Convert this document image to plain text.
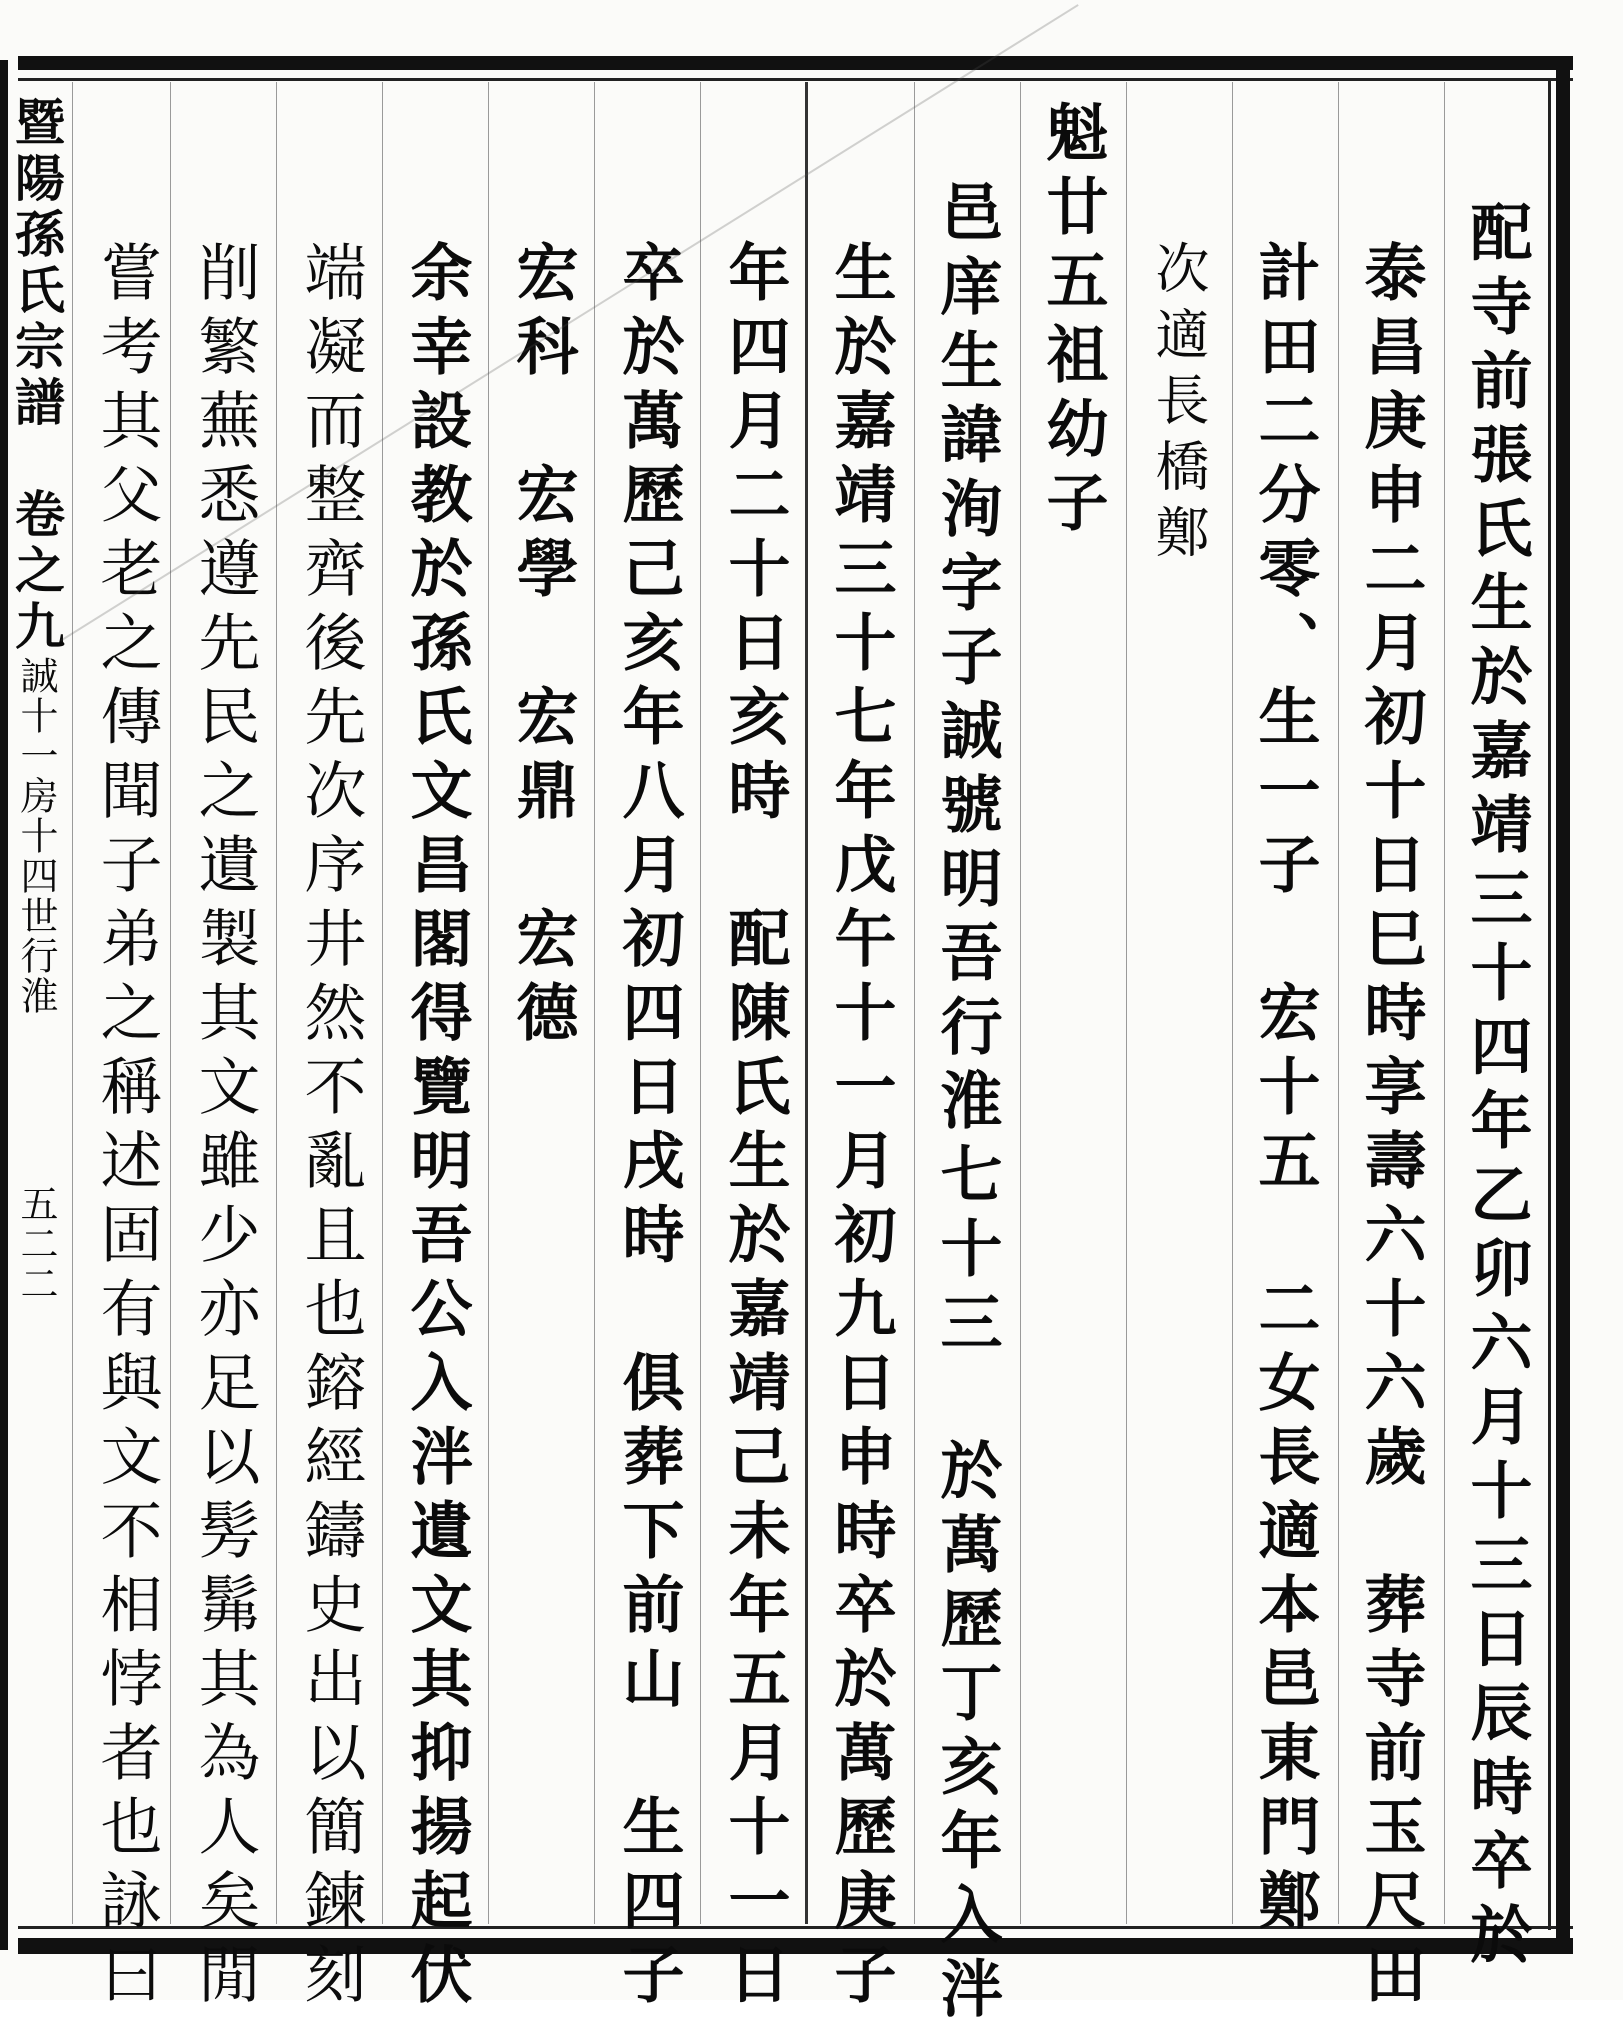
配寺前張氏生於嘉靖三十四年乙卯六月十三日辰時卒於
泰昌庚申二月初十日巳時享壽六十六歲　葬寺前玉尺田
計田二分零、生一子　宏十五　二女長適本邑東門鄭
次適長橋鄭
魁廿五祖幼子
邑庠生諱洵字子誠號明吾行淮七十三　於萬歷丁亥年入泮
生於嘉靖三十七年戊午十一月初九日申時卒於萬歷庚子
年四月二十日亥時　配陳氏生於嘉靖己未年五月十一日
卒於萬歷己亥年八月初四日戌時　俱葬下前山　生四子
宏科　宏學　宏鼎　宏德
余幸設教於孫氏文昌閣得覽明吾公入泮遺文其抑揚起伏
端凝而整齊後先次序井然不亂且也鎔經鑄史出以簡鍊刻
削繁蕪悉遵先民之遺製其文雖少亦足以髣髴其為人矣閒
嘗考其父老之傳聞子弟之稱述固有與文不相悖者也詠曰
暨陽孫氏宗譜　卷之九誠十一房十四世行淮　　　五二二
